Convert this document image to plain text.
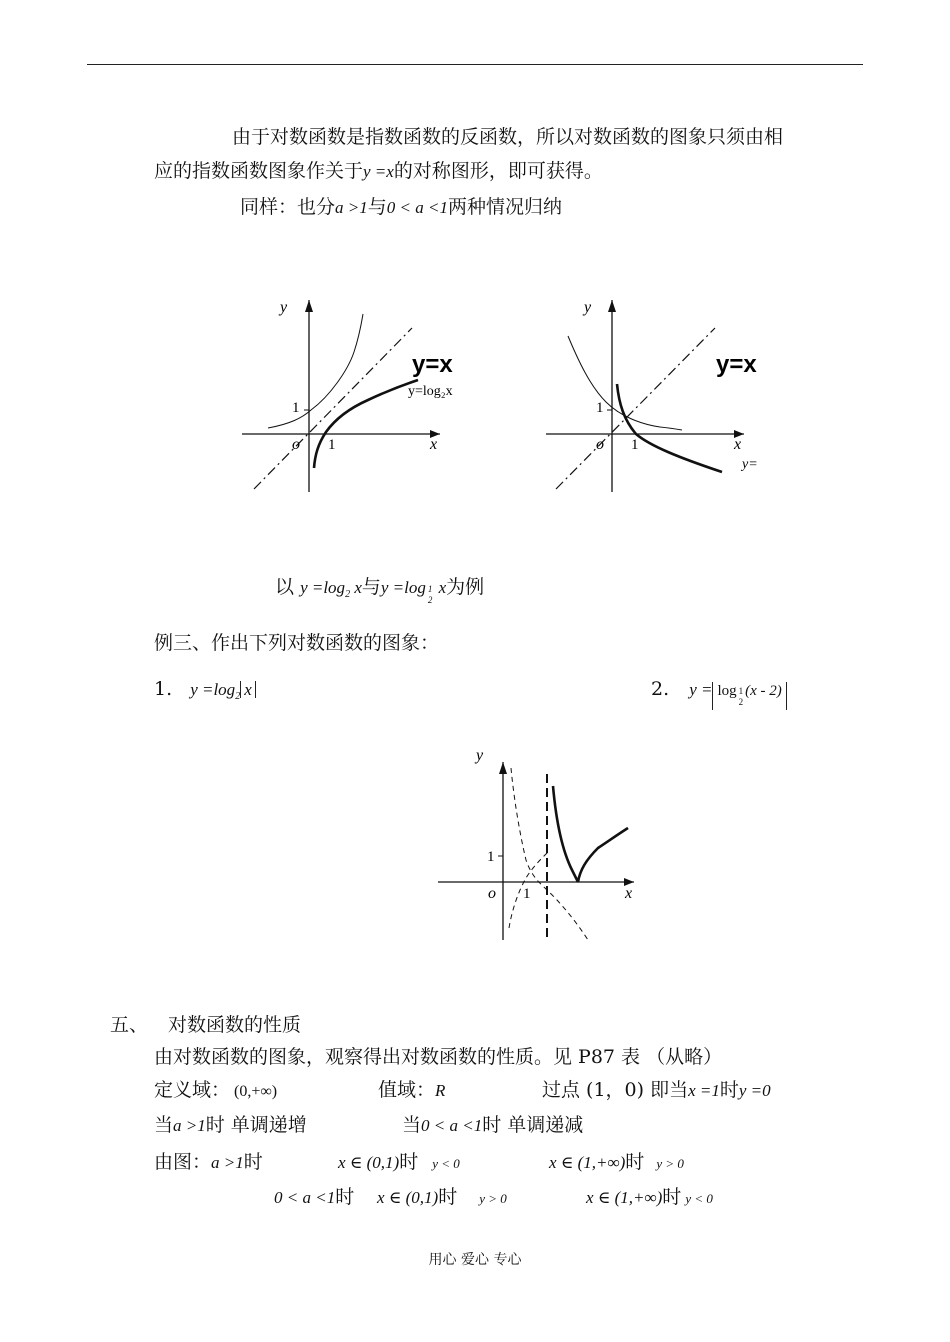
由于对数函数是指数函数的反函数，所以对数函数的图象只须由相
应的指数函数图象作关于y =x的对称图形，即可获得。
同样：也分a >1与0 < a <1两种情况归纳
y
x
o 1
1
y=x
y=log₂x
y
x
o 1
1
y=x
y=
以 $y =\log_2$ x与y =log 1
2 x为例
例三、作出下列对数函数的图象：
1. $y =\log_2$ x	2. y = log 1
2(x - 2)
y
x
o 1
1
五、 对数函数的性质
由对数函数的图象，观察得出对数函数的性质。见 P87 表 （从略）
定义域： (0,+∞)	值域：R	过点 (1，0) 即当x =1时y =0
当a >1时 单调递增	当0 < a <1时 单调递减
由图：a >1时	x ∈ (0,1)时 y < 0	x ∈ (1,+∞)时 y > 0
0 < a <1时 x ∈ (0,1)时 y > 0	x ∈ (1,+∞)时 y < 0
用心 爱心 专心
